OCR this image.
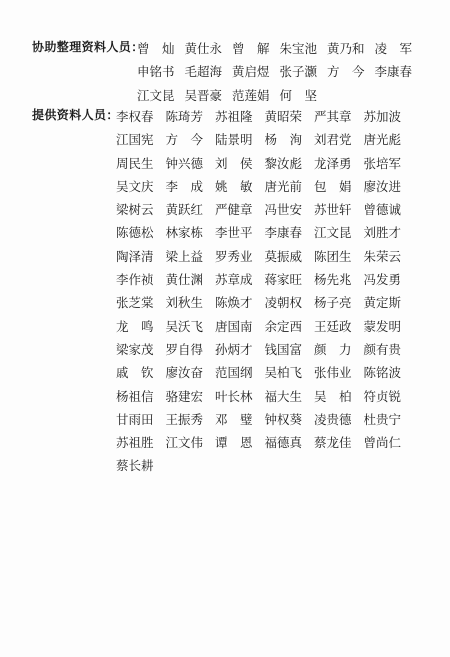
协助整理资料人员：
曾　灿 黄仕永 曾　解 朱宝池 黄乃和 凌　军
申铭书 毛超海 黄启煜 张子灏 方　今 李康春
江文昆 吴晋豪 范莲娟 何　坚
提供资料人员：
李权春 陈琦芳 苏祖隆 黄昭荣 严其章 苏加波
江国宪 方　今 陆景明 杨　洵 刘君党 唐光彪
周民生 钟兴德 刘　侯 黎汝彪 龙泽勇 张培军
吴文庆 李　成 姚　敏 唐光前 包　娟 廖汝进
梁树云 黄跃红 严健章 冯世安 苏世轩 曾德诚
陈德松 林家栋 李世平 李康春 江文昆 刘胜才
陶泽清 梁上益 罗秀业 莫振威 陈团生 朱荣云
李作祯 黄仕渊 苏章成 蒋家旺 杨先兆 冯发勇
张芝棠 刘秋生 陈焕才 凌朝权 杨子亮 黄定斯
龙　鸣 吴沃飞 唐国南 余定西 王廷政 蒙发明
梁家茂 罗自得 孙炳才 钱国富 颜　力 颜有贵
戚　钦 廖汝奋 范国纲 吴柏飞 张伟业 陈铭波
杨祖信 骆建宏 叶长林 福大生 吴　柏 符贞锐
甘雨田 王振秀 邓　璧 钟权葵 凌贵德 杜贵宁
苏祖胜 江文伟 谭　恩 福德真 蔡龙佳 曾尚仁
蔡长耕
